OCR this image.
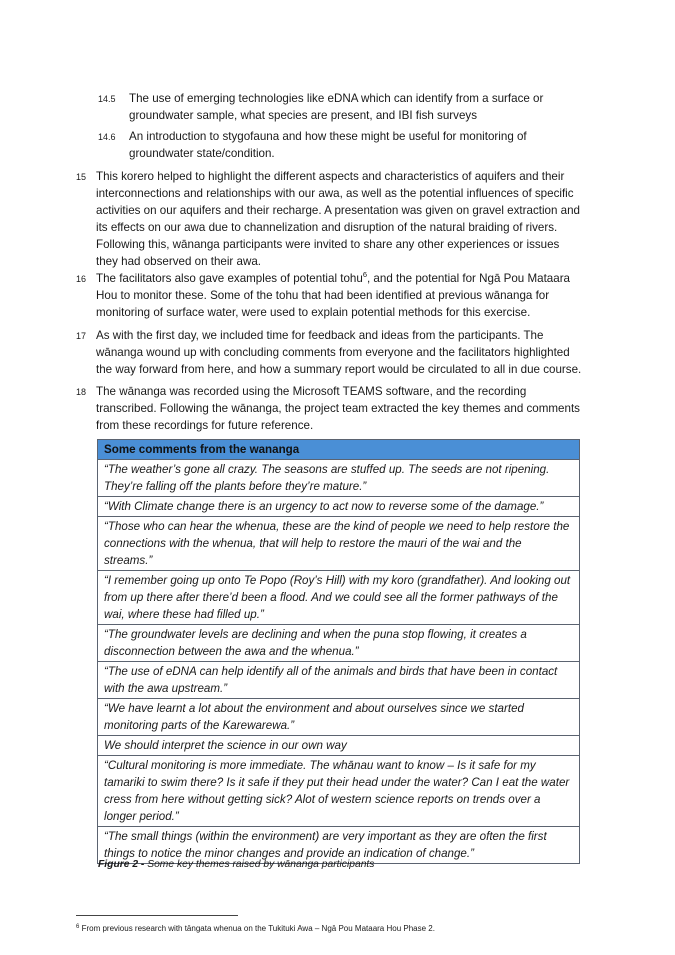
14.5 The use of emerging technologies like eDNA which can identify from a surface or groundwater sample, what species are present, and IBI fish surveys
14.6 An introduction to stygofauna and how these might be useful for monitoring of groundwater state/condition.
15 This korero helped to highlight the different aspects and characteristics of aquifers and their interconnections and relationships with our awa, as well as the potential influences of specific activities on our aquifers and their recharge. A presentation was given on gravel extraction and its effects on our awa due to channelization and disruption of the natural braiding of rivers. Following this, wānanga participants were invited to share any other experiences or issues they had observed on their awa.
16 The facilitators also gave examples of potential tohu$^6$, and the potential for Ngā Pou Mataara Hou to monitor these. Some of the tohu that had been identified at previous wānanga for monitoring of surface water, were used to explain potential methods for this exercise.
17 As with the first day, we included time for feedback and ideas from the participants. The wānanga wound up with concluding comments from everyone and the facilitators highlighted the way forward from here, and how a summary report would be circulated to all in due course.
18 The wānanga was recorded using the Microsoft TEAMS software, and the recording transcribed. Following the wānanga, the project team extracted the key themes and comments from these recordings for future reference.
Some comments from the wananga
“The weather’s gone all crazy. The seasons are stuffed up. The seeds are not ripening. They’re falling off the plants before they’re mature.”
“With Climate change there is an urgency to act now to reverse some of the damage.”
“Those who can hear the whenua, these are the kind of people we need to help restore the connections with the whenua, that will help to restore the mauri of the wai and the streams.”
“I remember going up onto Te Popo (Roy’s Hill) with my koro (grandfather). And looking out from up there after there’d been a flood. And we could see all the former pathways of the wai, where these had filled up.”
“The groundwater levels are declining and when the puna stop flowing, it creates a disconnection between the awa and the whenua.”
“The use of eDNA can help identify all of the animals and birds that have been in contact with the awa upstream.”
“We have learnt a lot about the environment and about ourselves since we started monitoring parts of the Karewarewa.”
We should interpret the science in our own way
“Cultural monitoring is more immediate. The whānau want to know – Is it safe for my tamariki to swim there? Is it safe if they put their head under the water? Can I eat the water cress from here without getting sick? Alot of western science reports on trends over a longer period.”
“The small things (within the environment) are very important as they are often the first things to notice the minor changes and provide an indication of change.”
Figure 2 - Some key themes raised by wānanga participants
$^6$ From previous research with tāngata whenua on the Tukituki Awa – Ngā Pou Mataara Hou Phase 2.
